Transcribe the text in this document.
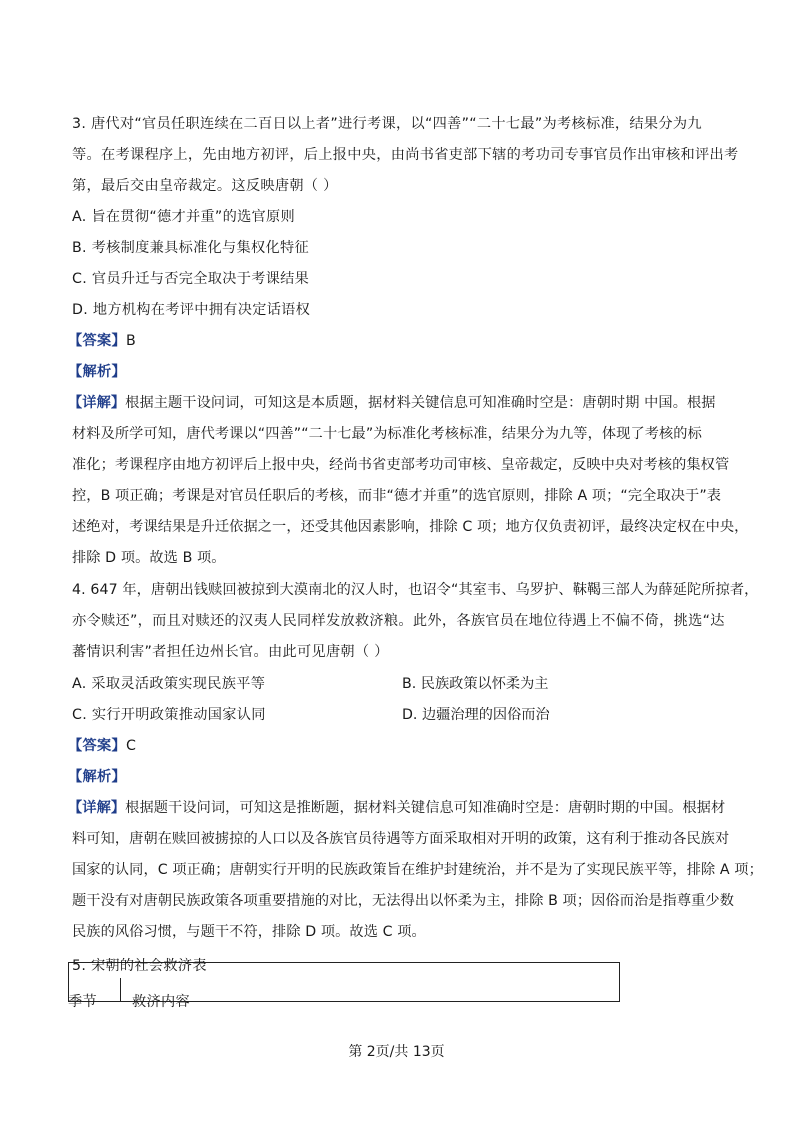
3. 唐代对“官员任职连续在二百日以上者”进行考课，以“四善”“二十七最”为考核标准，结果分为九
等。在考课程序上，先由地方初评，后上报中央，由尚书省吏部下辖的考功司专事官员作出审核和评出考
第，最后交由皇帝裁定。这反映唐朝（ ）
A. 旨在贯彻“德才并重”的选官原则
B. 考核制度兼具标准化与集权化特征
C. 官员升迁与否完全取决于考课结果
D. 地方机构在考评中拥有决定话语权
【答案】B
【解析】
【详解】根据主题干设问词，可知这是本质题，据材料关键信息可知准确时空是：唐朝时期 中国。根据
材料及所学可知，唐代考课以“四善”“二十七最”为标准化考核标准，结果分为九等，体现了考核的标
准化；考课程序由地方初评后上报中央，经尚书省吏部考功司审核、皇帝裁定，反映中央对考核的集权管
控，B 项正确；考课是对官员任职后的考核，而非“德才并重”的选官原则，排除 A 项；“完全取决于”表
述绝对，考课结果是升迁依据之一，还受其他因素影响，排除 C 项；地方仅负责初评，最终决定权在中央，
排除 D 项。故选 B 项。
4. 647 年，唐朝出钱赎回被掠到大漠南北的汉人时，也诏令“其室韦、乌罗护、靺鞨三部人为薛延陀所掠者，
亦令赎还”，而且对赎还的汉夷人民同样发放救济粮。此外，各族官员在地位待遇上不偏不倚，挑选“达
蕃情识利害”者担任边州长官。由此可见唐朝（ ）
A. 采取灵活政策实现民族平等	B. 民族政策以怀柔为主
C. 实行开明政策推动国家认同	D. 边疆治理的因俗而治
【答案】C
【解析】
【详解】根据题干设问词，可知这是推断题，据材料关键信息可知准确时空是：唐朝时期的中国。根据材
料可知，唐朝在赎回被掳掠的人口以及各族官员待遇等方面采取相对开明的政策，这有利于推动各民族对
国家的认同，C 项正确；唐朝实行开明的民族政策旨在维护封建统治，并不是为了实现民族平等，排除 A 项；
题干没有对唐朝民族政策各项重要措施的对比，无法得出以怀柔为主，排除 B 项；因俗而治是指尊重少数
民族的风俗习惯，与题干不符，排除 D 项。故选 C 项。
5. 宋朝的社会救济表
季节 救济内容
第 2页/共 13页
